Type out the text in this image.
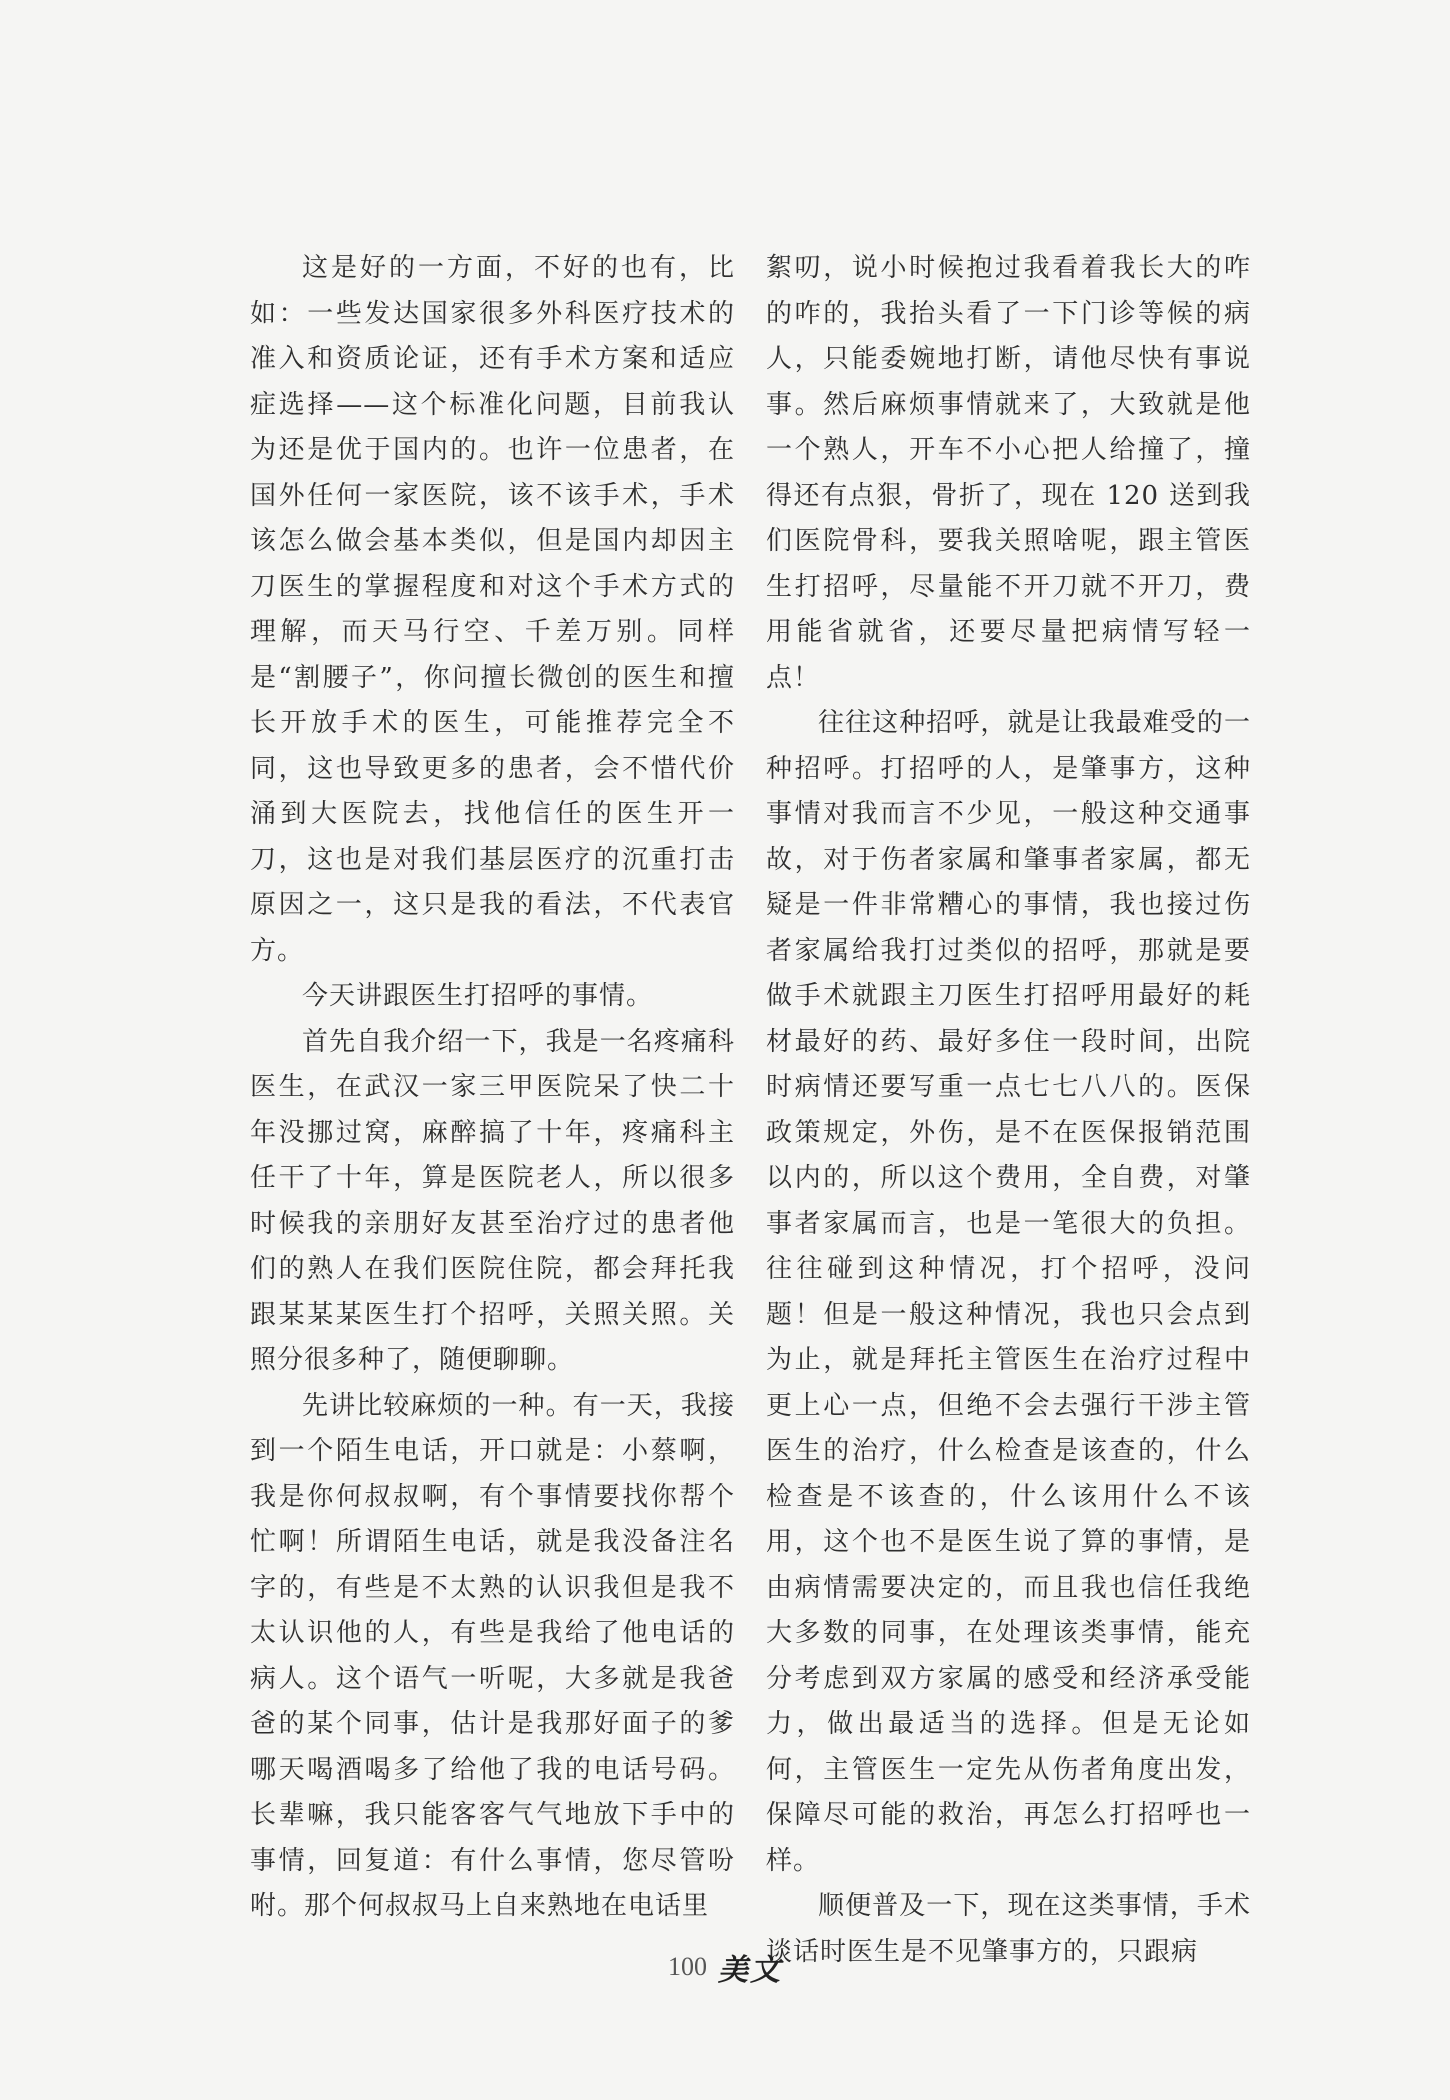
这是好的一方面，不好的也有，比如：一些发达国家很多外科医疗技术的准入和资质论证，还有手术方案和适应症选择——这个标准化问题，目前我认为还是优于国内的。也许一位患者，在国外任何一家医院，该不该手术，手术该怎么做会基本类似，但是国内却因主刀医生的掌握程度和对这个手术方式的理解，而天马行空、千差万别。同样是“割腰子”，你问擅长微创的医生和擅长开放手术的医生，可能推荐完全不同，这也导致更多的患者，会不惜代价涌到大医院去，找他信任的医生开一刀，这也是对我们基层医疗的沉重打击原因之一，这只是我的看法，不代表官方。

今天讲跟医生打招呼的事情。

首先自我介绍一下，我是一名疼痛科医生，在武汉一家三甲医院呆了快二十年没挪过窝，麻醉搞了十年，疼痛科主任干了十年，算是医院老人，所以很多时候我的亲朋好友甚至治疗过的患者他们的熟人在我们医院住院，都会拜托我跟某某某医生打个招呼，关照关照。关照分很多种了，随便聊聊。

先讲比较麻烦的一种。有一天，我接到一个陌生电话，开口就是：小蔡啊，我是你何叔叔啊，有个事情要找你帮个忙啊！所谓陌生电话，就是我没备注名字的，有些是不太熟的认识我但是我不太认识他的人，有些是我给了他电话的病人。这个语气一听呢，大多就是我爸爸的某个同事，估计是我那好面子的爹哪天喝酒喝多了给他了我的电话号码。长辈嘛，我只能客客气气地放下手中的事情，回复道：有什么事情，您尽管吩咐。那个何叔叔马上自来熟地在电话里

絮叨，说小时候抱过我看着我长大的咋的咋的，我抬头看了一下门诊等候的病人，只能委婉地打断，请他尽快有事说事。然后麻烦事情就来了，大致就是他一个熟人，开车不小心把人给撞了，撞得还有点狠，骨折了，现在 120 送到我们医院骨科，要我关照啥呢，跟主管医生打招呼，尽量能不开刀就不开刀，费用能省就省，还要尽量把病情写轻一点！

往往这种招呼，就是让我最难受的一种招呼。打招呼的人，是肇事方，这种事情对我而言不少见，一般这种交通事故，对于伤者家属和肇事者家属，都无疑是一件非常糟心的事情，我也接过伤者家属给我打过类似的招呼，那就是要做手术就跟主刀医生打招呼用最好的耗材最好的药、最好多住一段时间，出院时病情还要写重一点七七八八的。医保政策规定，外伤，是不在医保报销范围以内的，所以这个费用，全自费，对肇事者家属而言，也是一笔很大的负担。往往碰到这种情况，打个招呼，没问题！但是一般这种情况，我也只会点到为止，就是拜托主管医生在治疗过程中更上心一点，但绝不会去强行干涉主管医生的治疗，什么检查是该查的，什么检查是不该查的，什么该用什么不该用，这个也不是医生说了算的事情，是由病情需要决定的，而且我也信任我绝大多数的同事，在处理该类事情，能充分考虑到双方家属的感受和经济承受能力，做出最适当的选择。但是无论如何，主管医生一定先从伤者角度出发，保障尽可能的救治，再怎么打招呼也一样。

顺便普及一下，现在这类事情，手术谈话时医生是不见肇事方的，只跟病

100 美文
